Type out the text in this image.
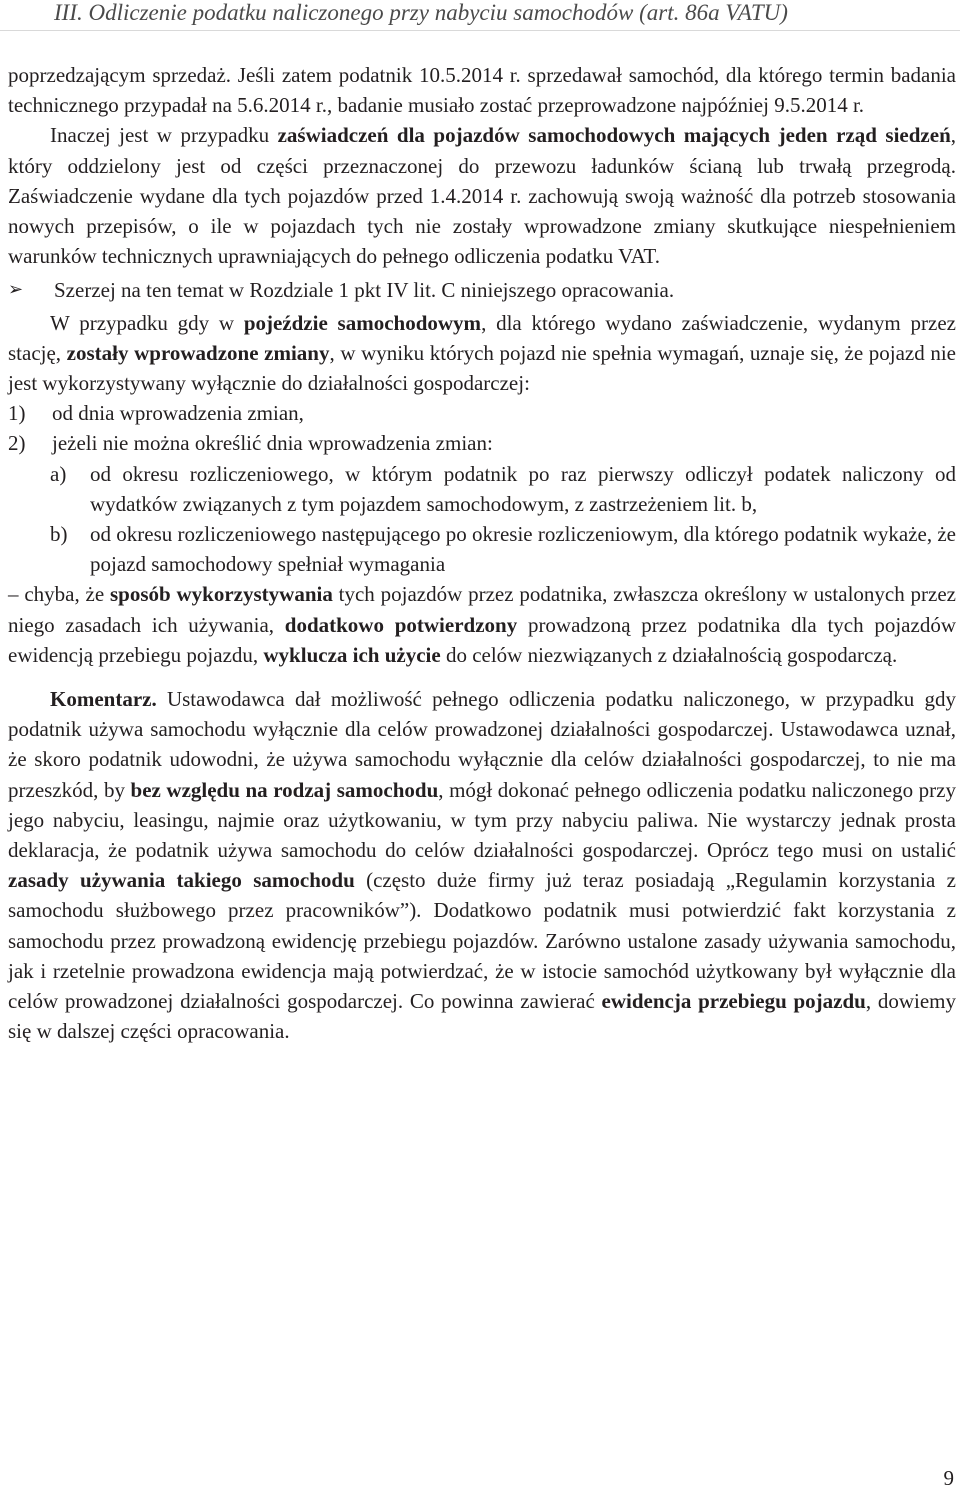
III. Odliczenie podatku naliczonego przy nabyciu samochodów (art. 86a VATU)

poprzedzającym sprzedaż. Jeśli zatem podatnik 10.5.2014 r. sprzedawał samochód, dla którego termin badania technicznego przypadał na 5.6.2014 r., badanie musiało zostać przeprowadzone najpóźniej 9.5.2014 r.

Inaczej jest w przypadku zaświadczeń dla pojazdów samochodowych mających jeden rząd siedzeń, który oddzielony jest od części przeznaczonej do przewozu ładunków ścianą lub trwałą przegrodą. Zaświadczenie wydane dla tych pojazdów przed 1.4.2014 r. zachowują swoją ważność dla potrzeb stosowania nowych przepisów, o ile w pojazdach tych nie zostały wprowadzone zmiany skutkujące niespełnieniem warunków technicznych uprawniających do pełnego odliczenia podatku VAT.

➢	Szerzej na ten temat w Rozdziale 1 pkt IV lit. C niniejszego opracowania.

W przypadku gdy w pojeździe samochodowym, dla którego wydano zaświadczenie, wydanym przez stację, zostały wprowadzone zmiany, w wyniku których pojazd nie spełnia wymagań, uznaje się, że pojazd nie jest wykorzystywany wyłącznie do działalności gospodarczej:

1)	od dnia wprowadzenia zmian,
2)	jeżeli nie można określić dnia wprowadzenia zmian:
a)	od okresu rozliczeniowego, w którym podatnik po raz pierwszy odliczył podatek naliczony od wydatków związanych z tym pojazdem samochodowym, z zastrzeżeniem lit. b,
b)	od okresu rozliczeniowego następującego po okresie rozliczeniowym, dla którego podatnik wykaże, że pojazd samochodowy spełniał wymagania

– chyba, że sposób wykorzystywania tych pojazdów przez podatnika, zwłaszcza określony w ustalonych przez niego zasadach ich używania, dodatkowo potwierdzony prowadzoną przez podatnika dla tych pojazdów ewidencją przebiegu pojazdu, wyklucza ich użycie do celów niezwiązanych z działalnością gospodarczą.

Komentarz. Ustawodawca dał możliwość pełnego odliczenia podatku naliczonego, w przypadku gdy podatnik używa samochodu wyłącznie dla celów prowadzonej działalności gospodarczej. Ustawodawca uznał, że skoro podatnik udowodni, że używa samochodu wyłącznie dla celów działalności gospodarczej, to nie ma przeszkód, by bez względu na rodzaj samochodu, mógł dokonać pełnego odliczenia podatku naliczonego przy jego nabyciu, leasingu, najmie oraz użytkowaniu, w tym przy nabyciu paliwa. Nie wystarczy jednak prosta deklaracja, że podatnik używa samochodu do celów działalności gospodarczej. Oprócz tego musi on ustalić zasady używania takiego samochodu (często duże firmy już teraz posiadają „Regulamin korzystania z samochodu służbowego przez pracowników”). Dodatkowo podatnik musi potwierdzić fakt korzystania z samochodu przez prowadzoną ewidencję przebiegu pojazdów. Zarówno ustalone zasady używania samochodu, jak i rzetelnie prowadzona ewidencja mają potwierdzać, że w istocie samochód użytkowany był wyłącznie dla celów prowadzonej działalności gospodarczej. Co powinna zawierać ewidencja przebiegu pojazdu, dowiemy się w dalszej części opracowania.

9
